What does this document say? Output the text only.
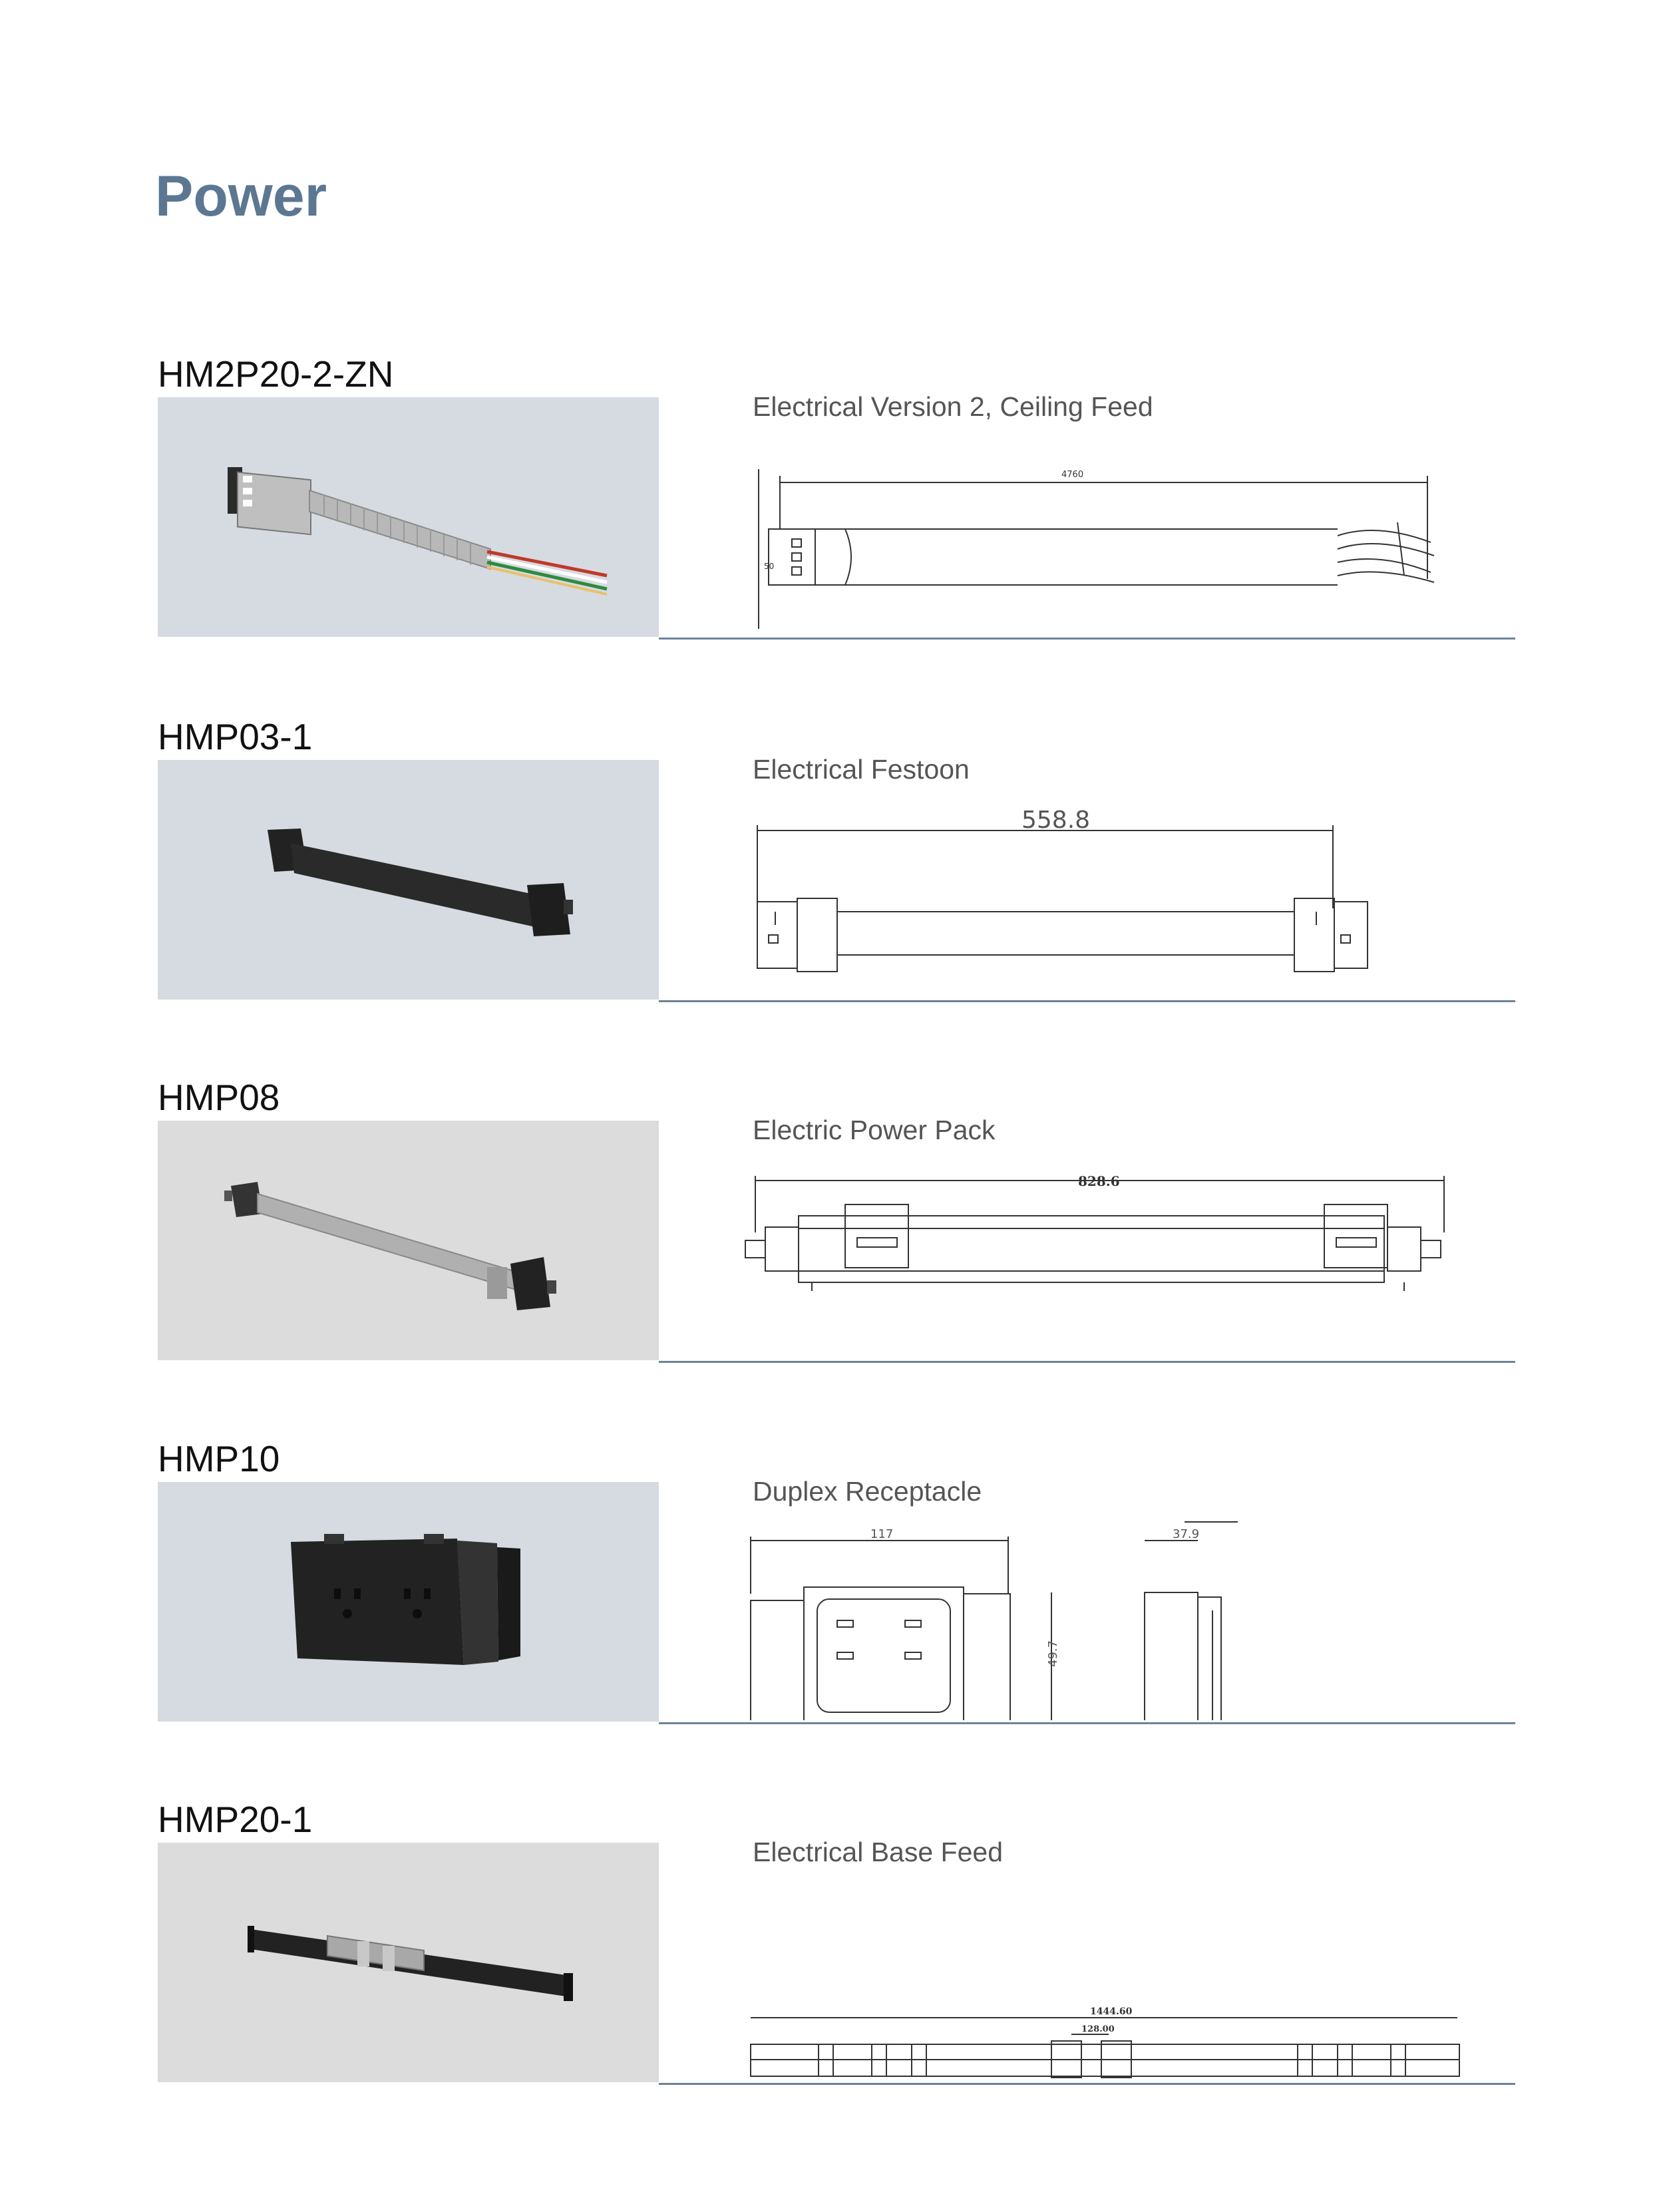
Power
HM2P20-2-ZN
Electrical Version 2, Ceiling Feed
4760
50
HMP03-1
Electrical Festoon
558.8
HMP08
Electric Power Pack
828.6
HMP10
Duplex Receptacle
117
49.7
37.9
HMP20-1
Electrical Base Feed
1444.60
128.00
